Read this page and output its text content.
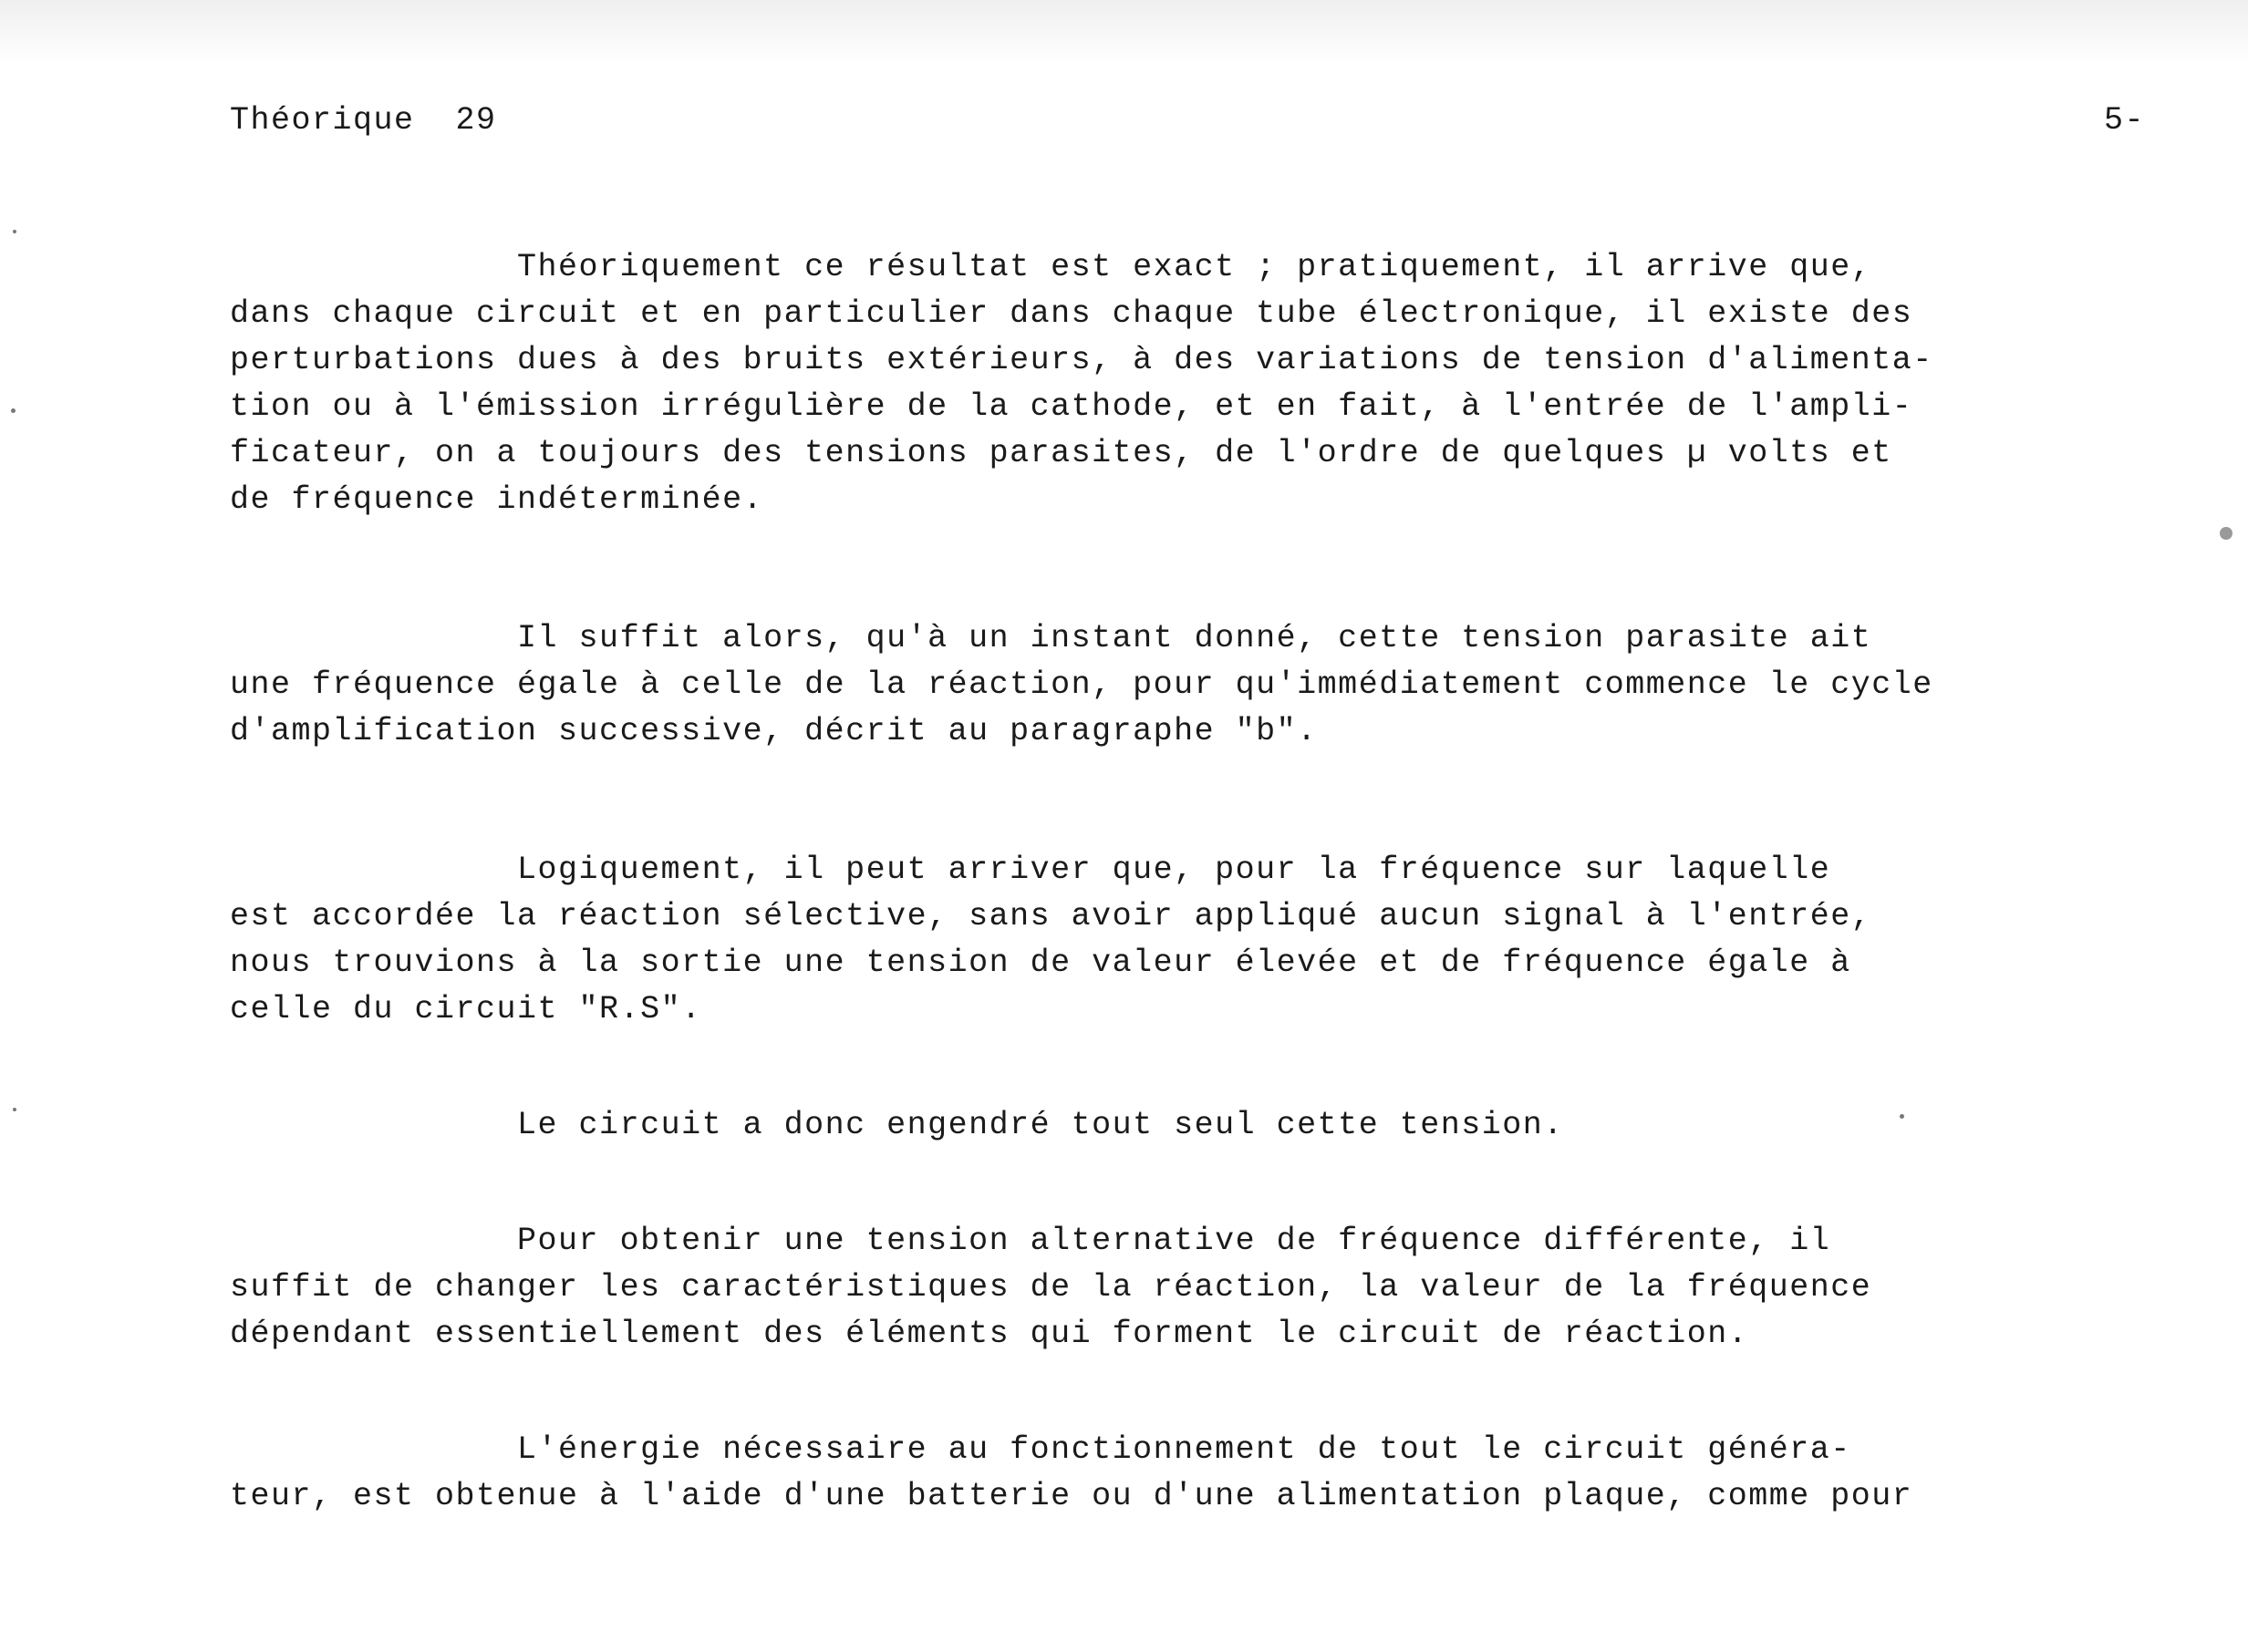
Théorique  29	5-
Théoriquement ce résultat est exact ; pratiquement, il arrive que,
dans chaque circuit et en particulier dans chaque tube électronique, il existe des
perturbations dues à des bruits extérieurs, à des variations de tension d'alimenta-
tion ou à l'émission irrégulière de la cathode, et en fait, à l'entrée de l'ampli-
ficateur, on a toujours des tensions parasites, de l'ordre de quelques µ volts et
de fréquence indéterminée.
Il suffit alors, qu'à un instant donné, cette tension parasite ait
une fréquence égale à celle de la réaction, pour qu'immédiatement commence le cycle
d'amplification successive, décrit au paragraphe "b".
Logiquement, il peut arriver que, pour la fréquence sur laquelle
est accordée la réaction sélective, sans avoir appliqué aucun signal à l'entrée,
nous trouvions à la sortie une tension de valeur élevée et de fréquence égale à
celle du circuit "R.S".
Le circuit a donc engendré tout seul cette tension.
Pour obtenir une tension alternative de fréquence différente, il
suffit de changer les caractéristiques de la réaction, la valeur de la fréquence
dépendant essentiellement des éléments qui forment le circuit de réaction.
L'énergie nécessaire au fonctionnement de tout le circuit généra-
teur, est obtenue à l'aide d'une batterie ou d'une alimentation plaque, comme pour
